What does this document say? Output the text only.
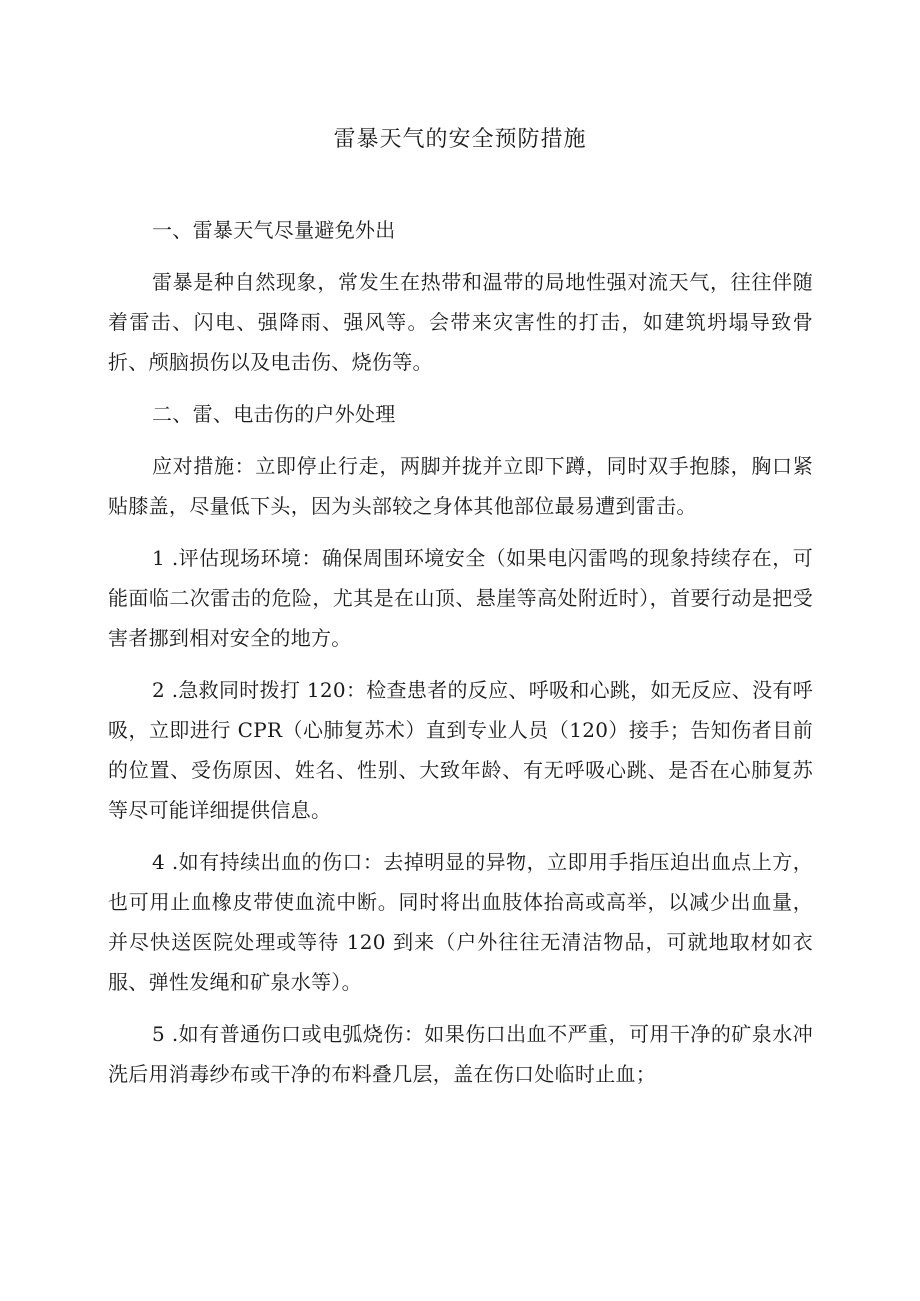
雷暴天气的安全预防措施

一、雷暴天气尽量避免外出

雷暴是种自然现象，常发生在热带和温带的局地性强对流天气，往往伴随着雷击、闪电、强降雨、强风等。会带来灾害性的打击，如建筑坍塌导致骨折、颅脑损伤以及电击伤、烧伤等。

二、雷、电击伤的户外处理

应对措施：立即停止行走，两脚并拢并立即下蹲，同时双手抱膝，胸口紧贴膝盖，尽量低下头，因为头部较之身体其他部位最易遭到雷击。

1 .评估现场环境：确保周围环境安全（如果电闪雷鸣的现象持续存在，可能面临二次雷击的危险，尤其是在山顶、悬崖等高处附近时），首要行动是把受害者挪到相对安全的地方。

2 .急救同时拨打 120：检查患者的反应、呼吸和心跳，如无反应、没有呼吸，立即进行 CPR（心肺复苏术）直到专业人员（120）接手；告知伤者目前的位置、受伤原因、姓名、性别、大致年龄、有无呼吸心跳、是否在心肺复苏等尽可能详细提供信息。

4 .如有持续出血的伤口：去掉明显的异物，立即用手指压迫出血点上方，也可用止血橡皮带使血流中断。同时将出血肢体抬高或高举，以减少出血量，并尽快送医院处理或等待 120 到来（户外往往无清洁物品，可就地取材如衣服、弹性发绳和矿泉水等）。

5 .如有普通伤口或电弧烧伤：如果伤口出血不严重，可用干净的矿泉水冲洗后用消毒纱布或干净的布料叠几层，盖在伤口处临时止血；
